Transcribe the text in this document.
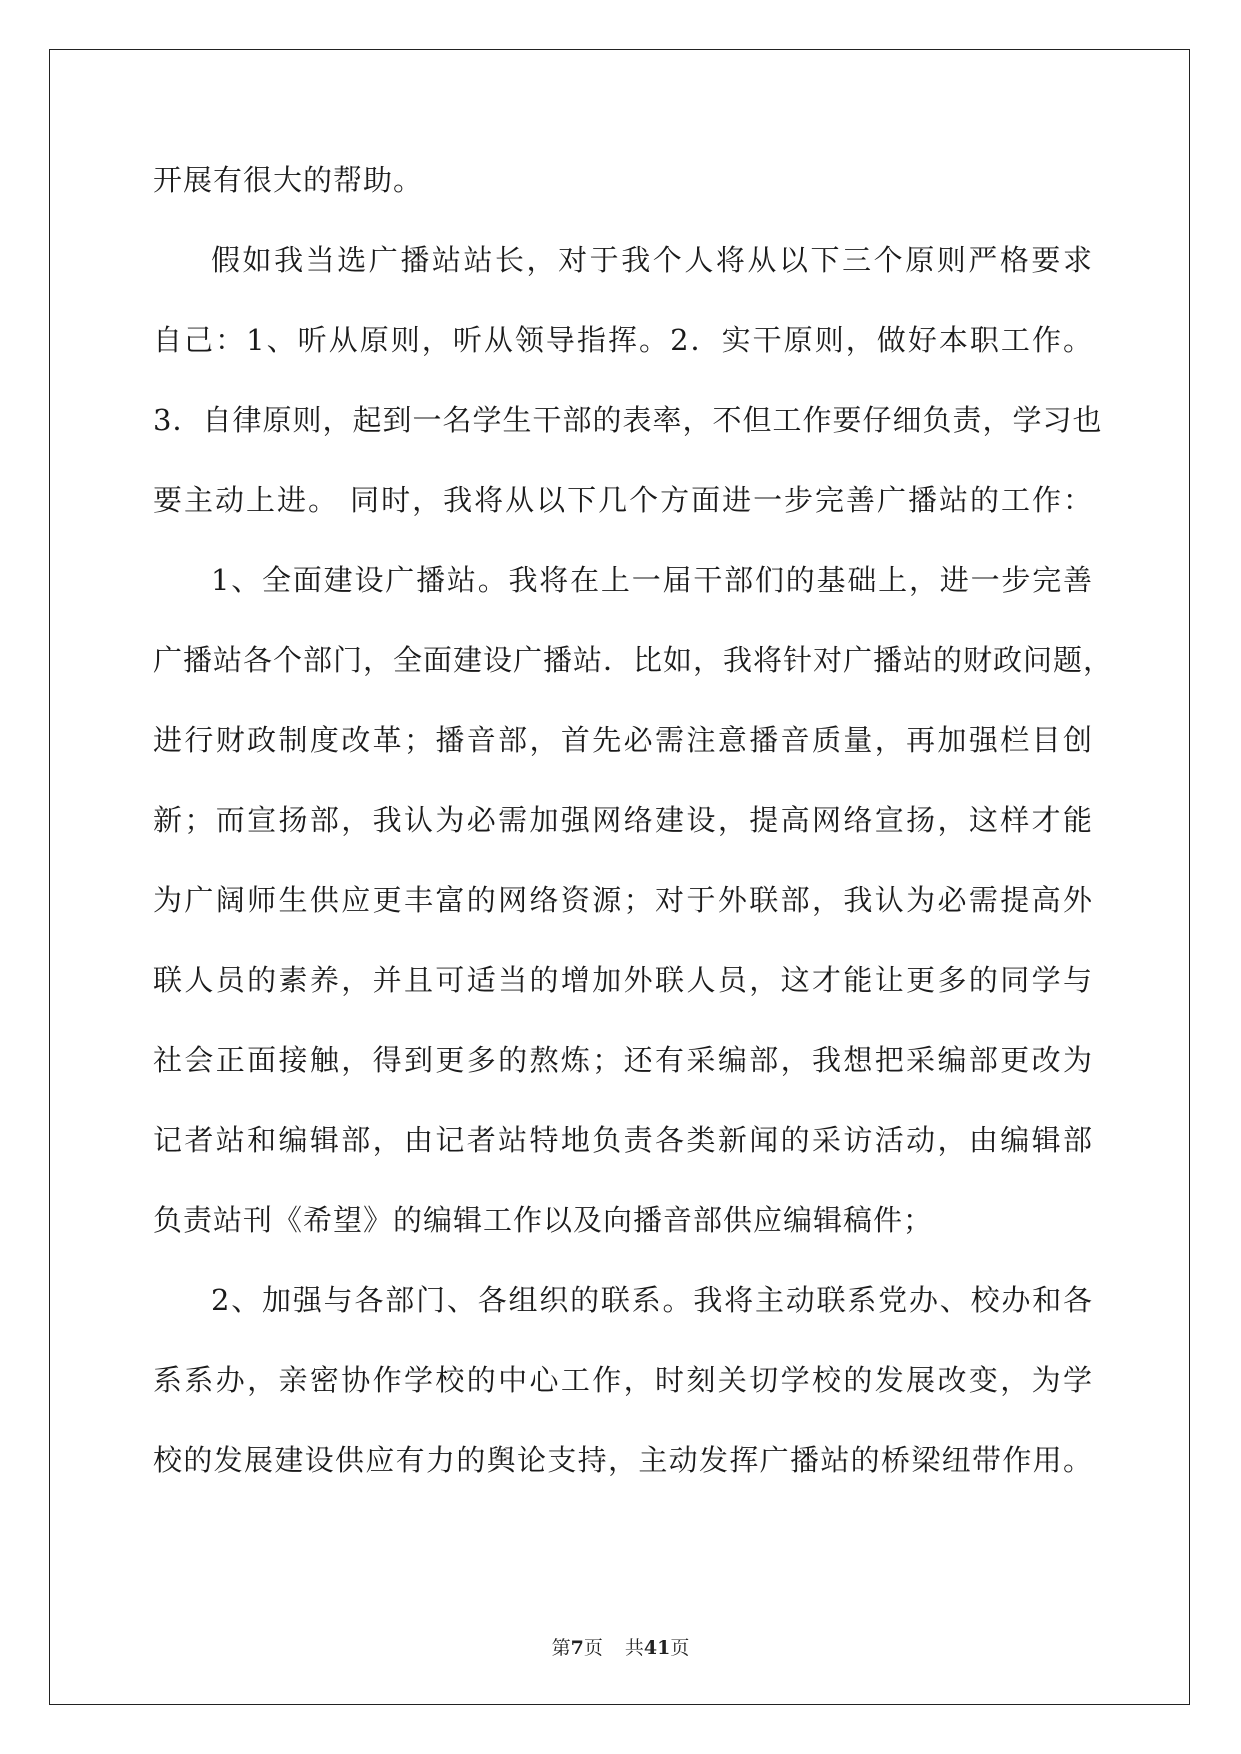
开展有很大的帮助。
假如我当选广播站站长，对于我个人将从以下三个原则严格要求
自己：1、听从原则，听从领导指挥。2．实干原则，做好本职工作。
3．自律原则，起到一名学生干部的表率，不但工作要仔细负责，学习也
要主动上进。 同时，我将从以下几个方面进一步完善广播站的工作：
1、全面建设广播站。我将在上一届干部们的基础上，进一步完善
广播站各个部门，全面建设广播站．比如，我将针对广播站的财政问题，
进行财政制度改革；播音部，首先必需注意播音质量，再加强栏目创
新；而宣扬部，我认为必需加强网络建设，提高网络宣扬，这样才能
为广阔师生供应更丰富的网络资源；对于外联部，我认为必需提高外
联人员的素养，并且可适当的增加外联人员，这才能让更多的同学与
社会正面接触，得到更多的熬炼；还有采编部，我想把采编部更改为
记者站和编辑部，由记者站特地负责各类新闻的采访活动，由编辑部
负责站刊《希望》的编辑工作以及向播音部供应编辑稿件；
2、加强与各部门、各组织的联系。我将主动联系党办、校办和各
系系办，亲密协作学校的中心工作，时刻关切学校的发展改变，为学
校的发展建设供应有力的舆论支持，主动发挥广播站的桥梁纽带作用。
第7页 共41页
